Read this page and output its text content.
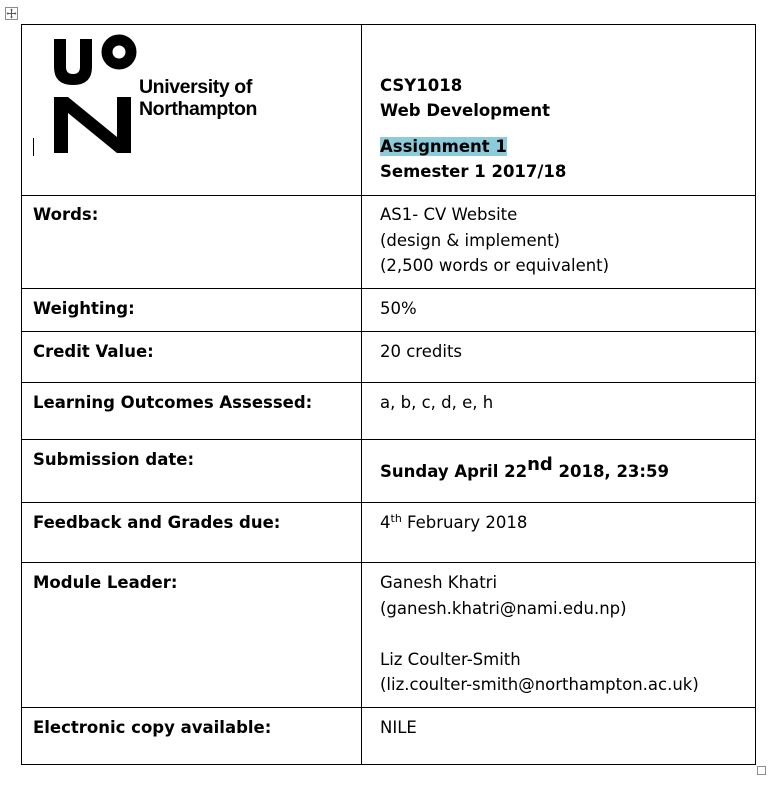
University of
Northampton
CSY1018
Web Development
Assignment 1
Semester 1 2017/18
Words:	AS1- CV Website
(design & implement)
(2,500 words or equivalent)
Weighting:	50%
Credit Value:	20 credits
Learning Outcomes Assessed:	a, b, c, d, e, h
Submission date:
Sunday April 22nd 2018, 23:59
Feedback and Grades due:	4th February 2018
Module Leader:	Ganesh Khatri
(ganesh.khatri@nami.edu.np)
Liz Coulter-Smith
(liz.coulter-smith@northampton.ac.uk)
Electronic copy available:	NILE
